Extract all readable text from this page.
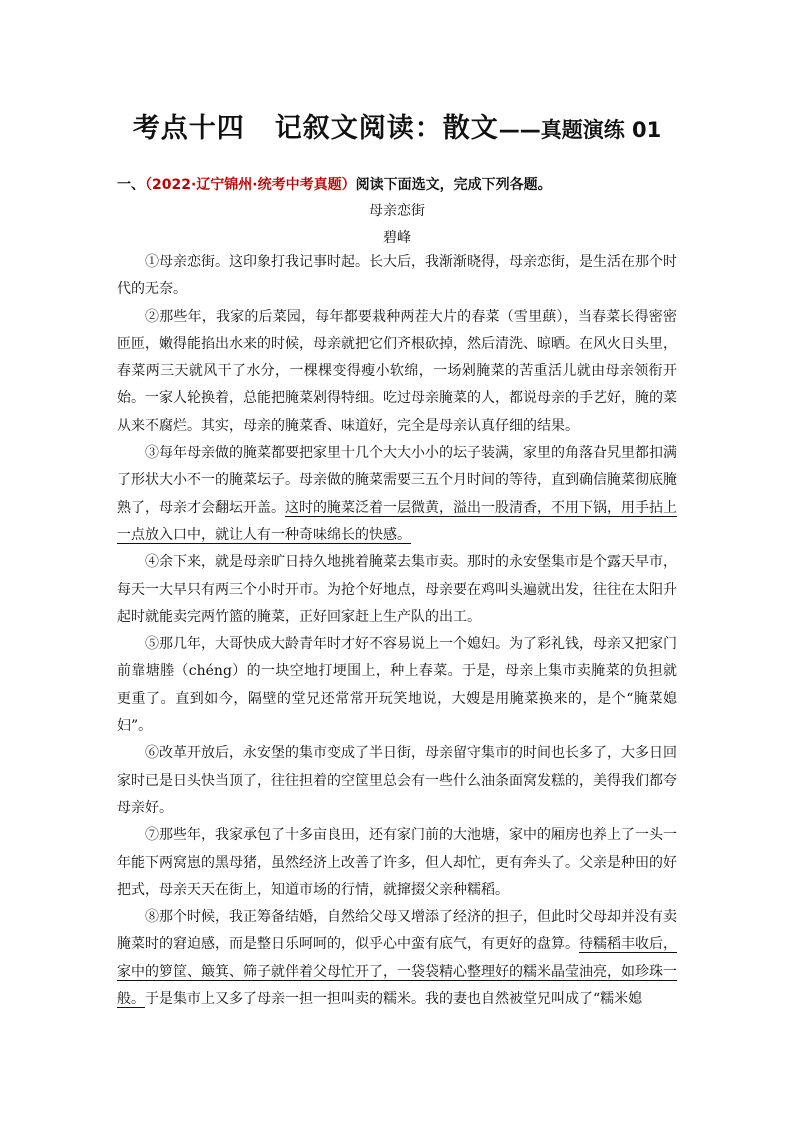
考点十四 记叙文阅读：散文——真题演练 01
一、（2022·辽宁锦州·统考中考真题）阅读下面选文，完成下列各题。
母亲恋街
碧峰

①母亲恋街。这印象打我记事时起。长大后，我渐渐晓得，母亲恋街，是生活在那个时代的无奈。

②那些年，我家的后菜园，每年都要栽种两茬大片的春菜（雪里蕻），当春菜长得密密匝匝，嫩得能掐出水来的时候，母亲就把它们齐根砍掉，然后清洗、晾晒。在风火日头里，春菜两三天就风干了水分，一棵棵变得瘦小软绵，一场剁腌菜的苦重活儿就由母亲领衔开始。一家人轮换着，总能把腌菜剁得特细。吃过母亲腌菜的人，都说母亲的手艺好，腌的菜从来不腐烂。其实，母亲的腌菜香、味道好，完全是母亲认真仔细的结果。

③每年母亲做的腌菜都要把家里十几个大大小小的坛子装满，家里的角落旮旯里都扣满了形状大小不一的腌菜坛子。母亲做的腌菜需要三五个月时间的等待，直到确信腌菜彻底腌熟了，母亲才会翻坛开盖。这时的腌菜泛着一层微黄，溢出一股清香，不用下锅，用手拈上一点放入口中，就让人有一种奇味绵长的快感。

④余下来，就是母亲旷日持久地挑着腌菜去集市卖。那时的永安堡集市是个露天早市，每天一大早只有两三个小时开市。为抢个好地点，母亲要在鸡叫头遍就出发，往往在太阳升起时就能卖完两竹篮的腌菜，正好回家赶上生产队的出工。

⑤那几年，大哥快成大龄青年时才好不容易说上一个媳妇。为了彩礼钱，母亲又把家门前靠塘塍（chéng）的一块空地打埂围上，种上春菜。于是，母亲上集市卖腌菜的负担就更重了。直到如今，隔壁的堂兄还常常开玩笑地说，大嫂是用腌菜换来的，是个“腌菜媳妇”。

⑥改革开放后，永安堡的集市变成了半日街，母亲留守集市的时间也长多了，大多日回家时已是日头快当顶了，往往担着的空筐里总会有一些什么油条面窝发糕的，美得我们都夸母亲好。

⑦那些年，我家承包了十多亩良田，还有家门前的大池塘，家中的厢房也养上了一头一年能下两窝崽的黑母猪，虽然经济上改善了许多，但人却忙，更有奔头了。父亲是种田的好把式，母亲天天在街上，知道市场的行情，就撺掇父亲种糯稻。

⑧那个时候，我正筹备结婚，自然给父母又增添了经济的担子，但此时父母却并没有卖腌菜时的窘迫感，而是整日乐呵呵的，似乎心中蛮有底气，有更好的盘算。待糯稻丰收后，家中的箩筐、簸箕、筛子就伴着父母忙开了，一袋袋精心整理好的糯米晶莹油亮，如珍珠一般。于是集市上又多了母亲一担一担叫卖的糯米。我的妻也自然被堂兄叫成了“糯米媳
